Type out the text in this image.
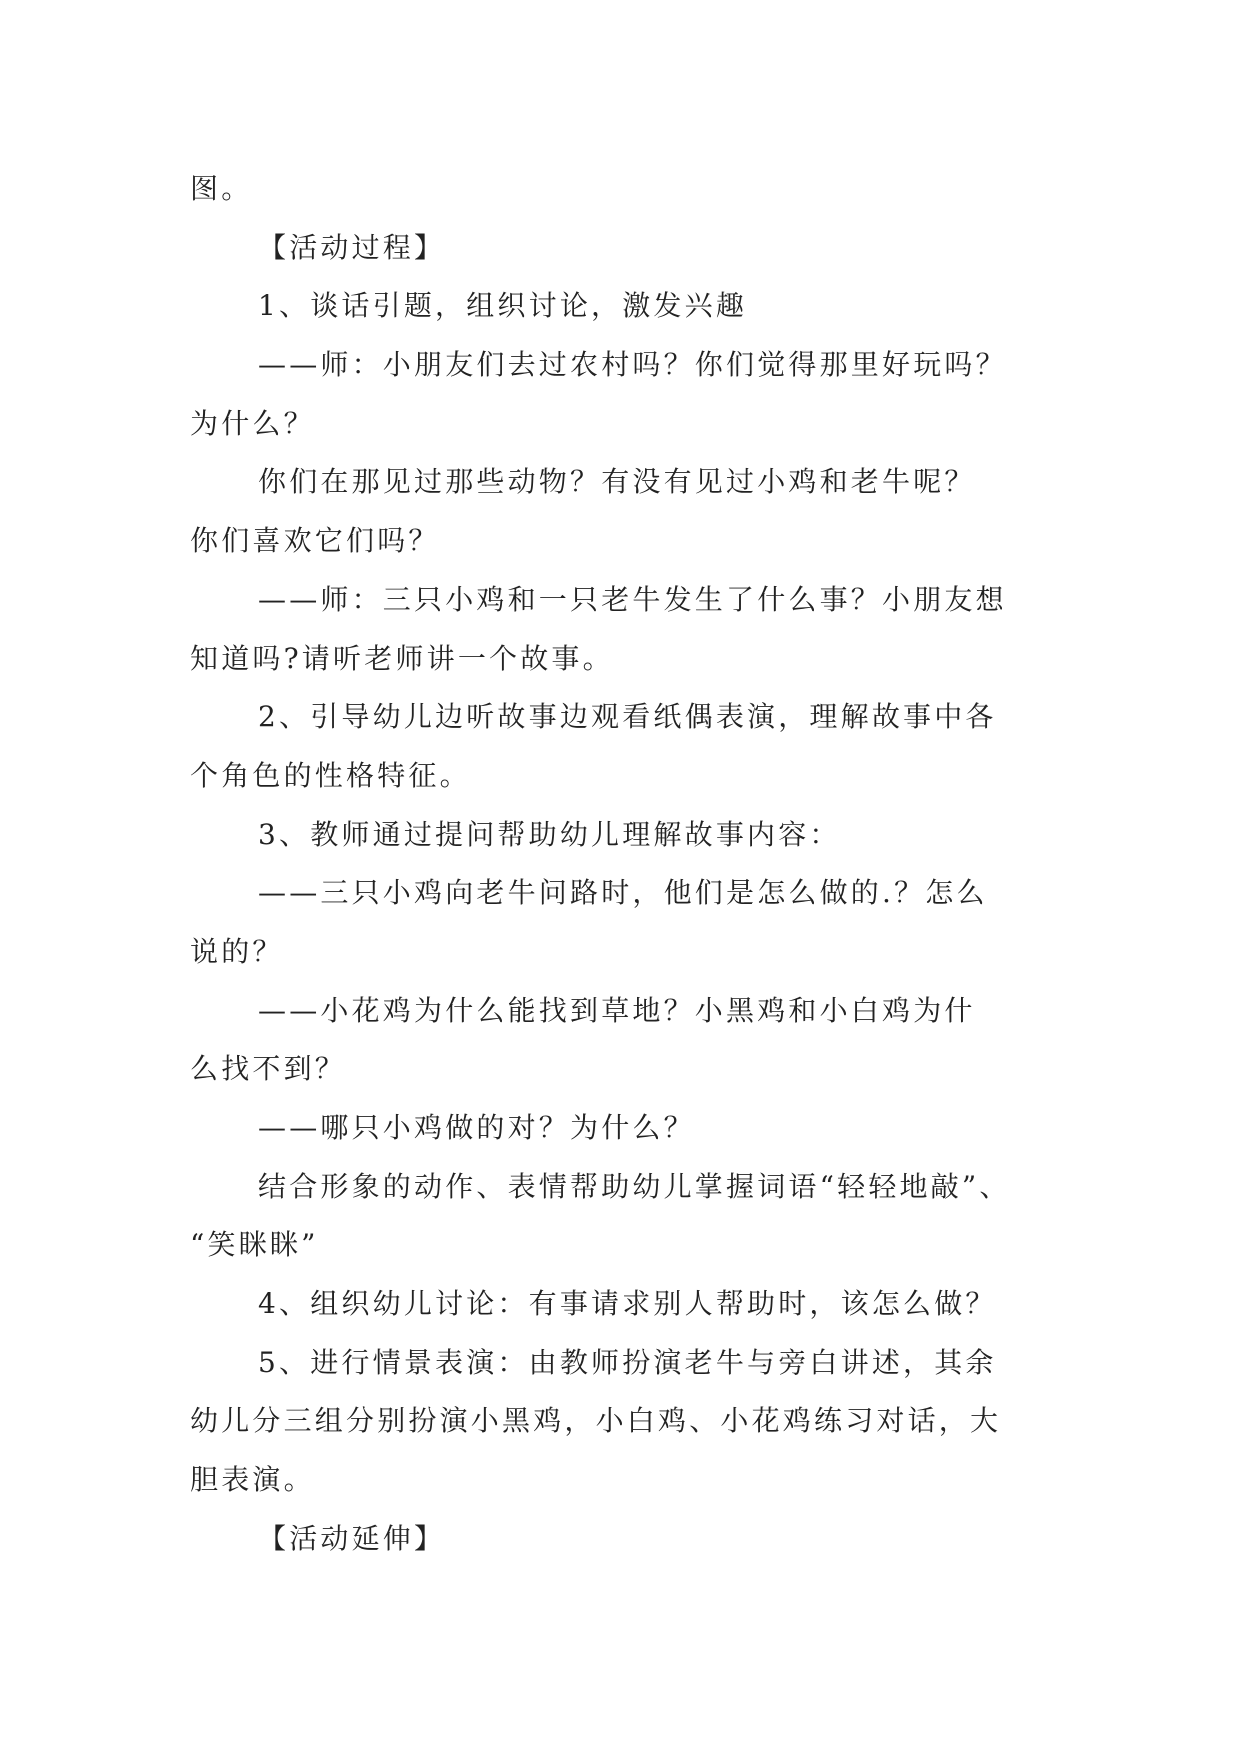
图。

【活动过程】

1、谈话引题，组织讨论，激发兴趣

——师：小朋友们去过农村吗？你们觉得那里好玩吗？
为什么？

你们在那见过那些动物？有没有见过小鸡和老牛呢？
你们喜欢它们吗？

——师：三只小鸡和一只老牛发生了什么事？小朋友想
知道吗?请听老师讲一个故事。

2、引导幼儿边听故事边观看纸偶表演，理解故事中各
个角色的性格特征。

3、教师通过提问帮助幼儿理解故事内容：

——三只小鸡向老牛问路时，他们是怎么做的.？怎么
说的？

——小花鸡为什么能找到草地？小黑鸡和小白鸡为什
么找不到？

——哪只小鸡做的对？为什么？

结合形象的动作、表情帮助幼儿掌握词语“轻轻地敲”、
“笑眯眯”

4、组织幼儿讨论：有事请求别人帮助时，该怎么做？

5、进行情景表演：由教师扮演老牛与旁白讲述，其余
幼儿分三组分别扮演小黑鸡，小白鸡、小花鸡练习对话，大
胆表演。

【活动延伸】
